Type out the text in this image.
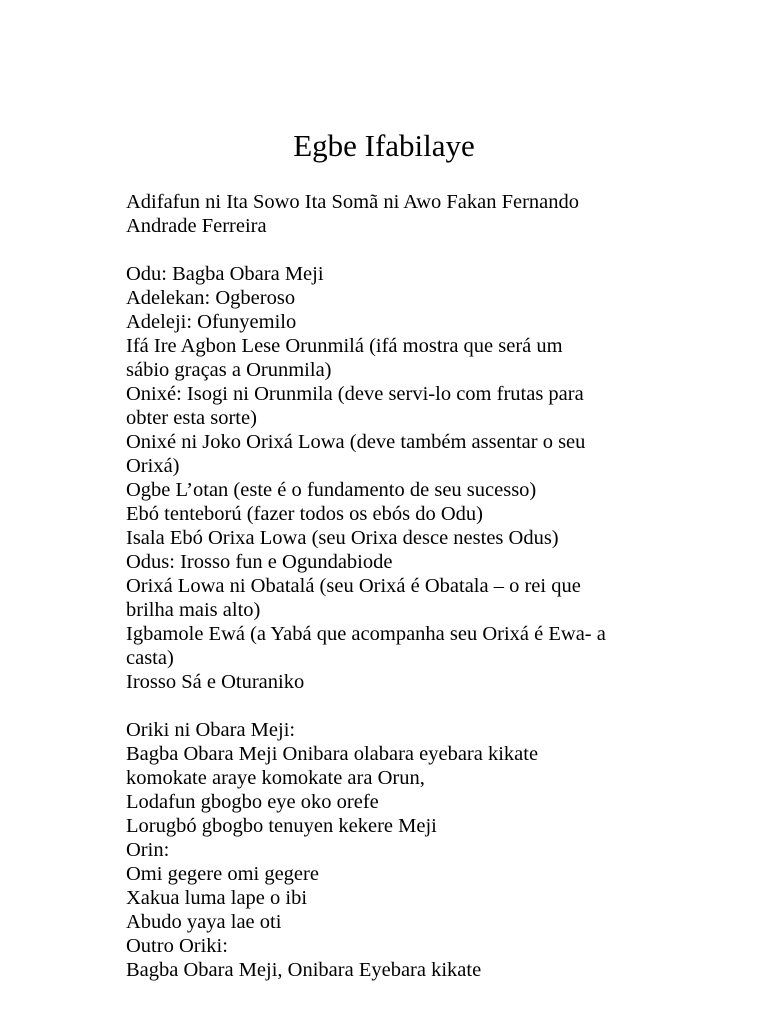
Egbe Ifabilaye
Adifafun ni Ita Sowo Ita Somã ni Awo Fakan Fernando
Andrade Ferreira
Odu: Bagba Obara Meji
Adelekan: Ogberoso
Adeleji: Ofunyemilo
Ifá Ire Agbon Lese Orunmilá (ifá mostra que será um
sábio graças a Orunmila)
Onixé: Isogi ni Orunmila (deve servi-lo com frutas para
obter esta sorte)
Onixé ni Joko Orixá Lowa (deve também assentar o seu
Orixá)
Ogbe L’otan (este é o fundamento de seu sucesso)
Ebó tenteború (fazer todos os ebós do Odu)
Isala Ebó Orixa Lowa (seu Orixa desce nestes Odus)
Odus: Irosso fun e Ogundabiode
Orixá Lowa ni Obatalá (seu Orixá é Obatala – o rei que
brilha mais alto)
Igbamole Ewá (a Yabá que acompanha seu Orixá é Ewa- a
casta)
Irosso Sá e Oturaniko
Oriki ni Obara Meji:
Bagba Obara Meji Onibara olabara eyebara kikate
komokate araye komokate ara Orun,
Lodafun gbogbo eye oko orefe
Lorugbó gbogbo tenuyen kekere Meji
Orin:
Omi gegere omi gegere
Xakua luma lape o ibi
Abudo yaya lae oti
Outro Oriki:
Bagba Obara Meji, Onibara Eyebara kikate
